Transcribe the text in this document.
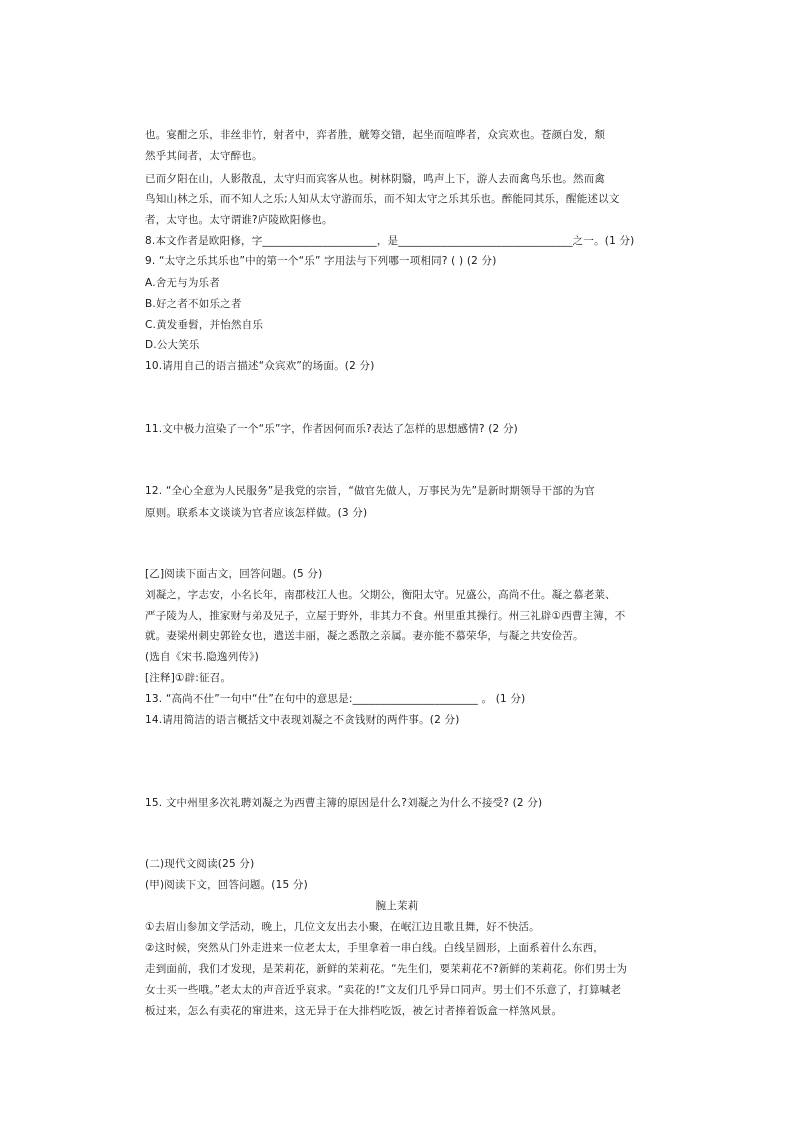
也。宴酣之乐，非丝非竹，射者中，弈者胜，觥筹交错，起坐而喧哗者，众宾欢也。苍颜白发，颓
然乎其间者，太守醉也。
已而夕阳在山，人影散乱，太守归而宾客从也。树林阴翳，鸣声上下，游人去而禽鸟乐也。然而禽
鸟知山林之乐，而不知人之乐;人知从太守游而乐，而不知太守之乐其乐也。醉能同其乐，醒能述以文
者，太守也。太守谓谁?庐陵欧阳修也。
8.本文作者是欧阳修，字_____________________，是________________________________之一。(1 分)
9. “太守之乐其乐也”中的第一个“乐” 字用法与下列哪一项相同? ( ) (2 分)
A.舍无与为乐者
B.好之者不如乐之者
C.黄发垂髫，并怡然自乐
D.公大笑乐
10.请用自己的语言描述“众宾欢”的场面。(2 分)
11.文中极力渲染了一个“乐”字，作者因何而乐?表达了怎样的思想感情? (2 分)
12. “全心全意为人民服务”是我党的宗旨，“做官先做人，万事民为先”是新时期领导干部的为官
原则。联系本文谈谈为官者应该怎样做。(3 分)
[乙]阅读下面古文，回答问题。(5 分)
刘凝之，字志安，小名长年，南郡枝江人也。父期公，衡阳太守。兄盛公，高尚不仕。凝之慕老莱、
严子陵为人，推家财与弟及兄子，立屋于野外，非其力不食。州里重其操行。州三礼辟①西曹主簿，不
就。妻梁州刺史郭铨女也，遣送丰丽，凝之悉散之亲属。妻亦能不慕荣华，与凝之共安俭苦。
(选自《宋书.隐逸列传》)
[注释]①辟:征召。
13. “高尚不仕”一句中“仕”在句中的意思是:_______________________ 。 (1 分)
14.请用简洁的语言概括文中表现刘凝之不贪钱财的两件事。(2 分)
15. 文中州里多次礼聘刘凝之为西曹主簿的原因是什么?刘凝之为什么不接受? (2 分)
(二)现代文阅读(25 分)
(甲)阅读下文，回答问题。(15 分)
腕上茉莉
①去眉山参加文学活动，晚上，几位文友出去小聚，在岷江边且歌且舞，好不快活。
②这时候，突然从门外走进来一位老太太，手里拿着一串白线。白线呈圆形，上面系着什么东西，
走到面前，我们才发现，是茉莉花，新鲜的茉莉花。“先生们，要茉莉花不?新鲜的茉莉花。你们男士为
女士买一些哦。”老太太的声音近乎哀求。“卖花的!”文友们几乎异口同声。男士们不乐意了，打算喊老
板过来，怎么有卖花的窜进来，这无异于在大排档吃饭，被乞讨者捧着饭盒一样煞风景。
